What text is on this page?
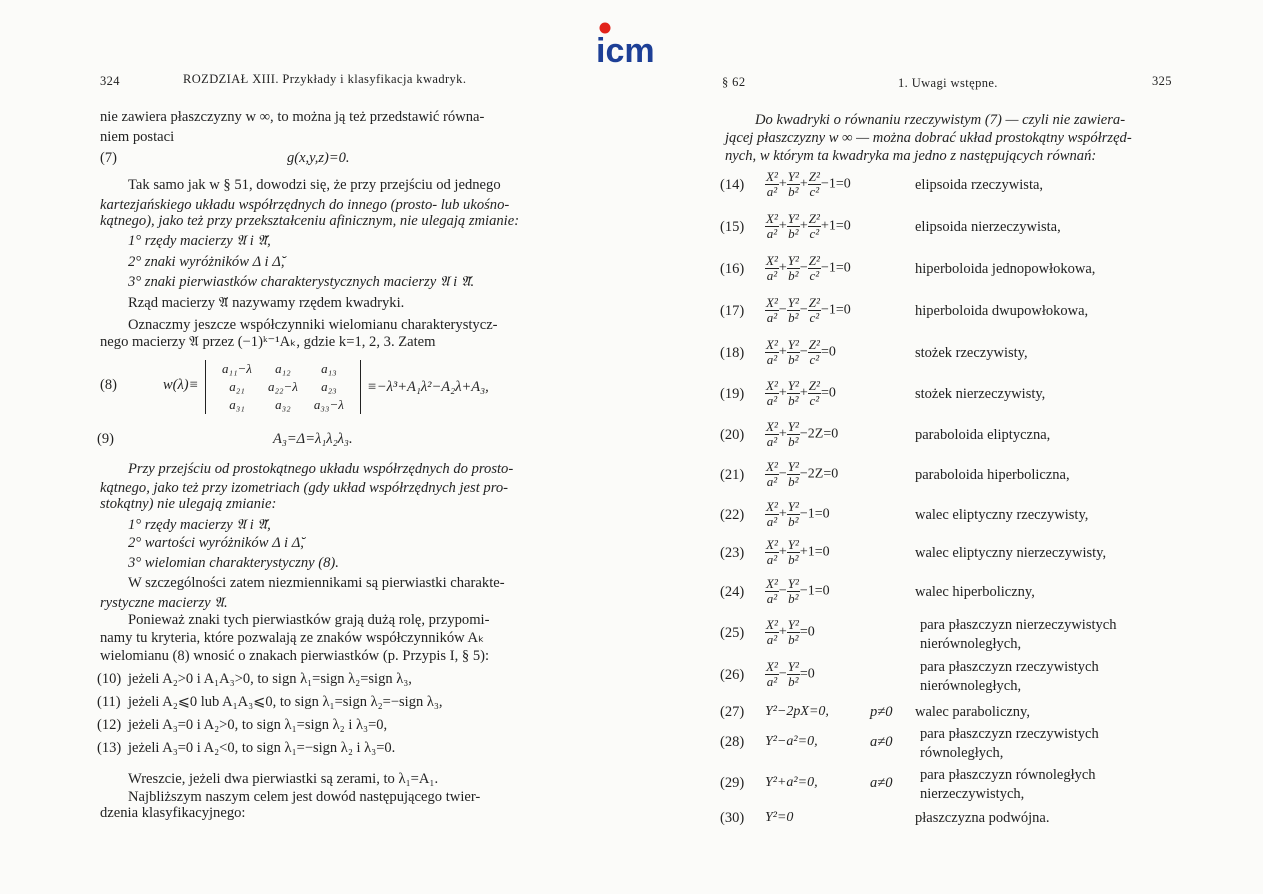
icm
324	ROZDZIAŁ XIII. Przykłady i klasyfikacja kwadryk.
nie zawiera płaszczyzny w ∞, to można ją też przedstawić równa-
niem postaci
(7)	g(x,y,z)=0.
Tak samo jak w § 51, dowodzi się, że przy przejściu od jednego
kartezjańskiego układu współrzędnych do innego (prosto- lub ukośno-
kątnego), jako też przy przekształceniu afinicznym, nie ulegają zmianie:
1° rzędy macierzy 𝔄 i 𝔄̆,
2° znaki wyróżników Δ i Δ̆,
3° znaki pierwiastków charakterystycznych macierzy 𝔄 i 𝔄̆.
Rząd macierzy 𝔄̆ nazywamy rzędem kwadryki.
Oznaczmy jeszcze współczynniki wielomianu charakterystycz-
nego macierzy 𝔄 przez (−1)ᵏ⁻¹Aₖ, gdzie k=1, 2, 3. Zatem
(8)	w(λ)≡
a₁₁−λ	a₁₂	a₁₃
a₂₁	a₂₂−λ	a₂₃
a₃₁	a₃₂	a₃₃−λ
≡−λ³+A₁λ²−A₂λ+A₃,
(9)	A₃=Δ=λ₁λ₂λ₃.
Przy przejściu od prostokątnego układu współrzędnych do prosto-
kątnego, jako też przy izometriach (gdy układ współrzędnych jest pro-
stokątny) nie ulegają zmianie:
1° rzędy macierzy 𝔄 i 𝔄̆,
2° wartości wyróżników Δ i Δ̆,
3° wielomian charakterystyczny (8).
W szczególności zatem niezmiennikami są pierwiastki charakte-
rystyczne macierzy 𝔄.
Ponieważ znaki tych pierwiastków grają dużą rolę, przypomi-
namy tu kryteria, które pozwalają ze znaków współczynników Aₖ
wielomianu (8) wnosić o znakach pierwiastków (p. Przypis I, § 5):
(10) jeżeli A₂>0 i A₁A₃>0, to sign λ₁=sign λ₂=sign λ₃,
(11) jeżeli A₂⩽0 lub A₁A₃⩽0, to sign λ₁=sign λ₂=−sign λ₃,
(12) jeżeli A₃=0 i A₂>0, to sign λ₁=sign λ₂ i λ₃=0,
(13) jeżeli A₃=0 i A₂<0, to sign λ₁=−sign λ₂ i λ₃=0.
Wreszcie, jeżeli dwa pierwiastki są zerami, to λ₁=A₁.
Najbliższym naszym celem jest dowód następującego twier-
dzenia klasyfikacyjnego:
§ 62	1. Uwagi wstępne.	325
Do kwadryki o równaniu rzeczywistym (7) — czyli nie zawiera-
jącej płaszczyzny w ∞ — można dobrać układ prostokątny współrzęd-
nych, w którym ta kwadryka ma jedno z następujących równań:
$(14) \frac{\text{X²}}{\text{a²}} + \frac{\text{Y²}}{\text{b²}} + \frac{\text{Z²}}{\text{c²}} -1=0$	elipsoida rzeczywista,
$(15) \frac{\text{X²}}{\text{a²}} + \frac{\text{Y²}}{\text{b²}} + \frac{\text{Z²}}{\text{c²}} +1=0$	elipsoida nierzeczywista,
$(16) \frac{\text{X²}}{\text{a²}} + \frac{\text{Y²}}{\text{b²}} - \frac{\text{Z²}}{\text{c²}} -1=0$	hiperboloida jednopowłokowa,
$(17) \frac{\text{X²}}{\text{a²}} - \frac{\text{Y²}}{\text{b²}} - \frac{\text{Z²}}{\text{c²}} -1=0$	hiperboloida dwupowłokowa,
$(18) \frac{\text{X²}}{\text{a²}} + \frac{\text{Y²}}{\text{b²}} - \frac{\text{Z²}}{\text{c²}} =0$	stożek rzeczywisty,
$(19) \frac{\text{X²}}{\text{a²}} + \frac{\text{Y²}}{\text{b²}} + \frac{\text{Z²}}{\text{c²}} =0$	stożek nierzeczywisty,
$(20) \frac{\text{X²}}{\text{a²}} + \frac{\text{Y²}}{\text{b²}} -2Z=0$	paraboloida eliptyczna,
$(21) \frac{\text{X²}}{\text{a²}} - \frac{\text{Y²}}{\text{b²}} -2Z=0$	paraboloida hiperboliczna,
$(22) \frac{\text{X²}}{\text{a²}} + \frac{\text{Y²}}{\text{b²}} -1=0$	walec eliptyczny rzeczywisty,
$(23) \frac{\text{X²}}{\text{a²}} + \frac{\text{Y²}}{\text{b²}} +1=0$	walec eliptyczny nierzeczywisty,
$(24) \frac{\text{X²}}{\text{a²}} - \frac{\text{Y²}}{\text{b²}} -1=0$	walec hiperboliczny,
$(25) \frac{\text{X²}}{\text{a²}} + \frac{\text{Y²}}{\text{b²}} =0$	para płaszczyzn nierzeczywistych
nierównoległych,
$(26) \frac{\text{X²}}{\text{a²}} - \frac{\text{Y²}}{\text{b²}} =0$	para płaszczyzn rzeczywistych
nierównoległych,
(27) Y²−2pX=0,	p≠0 walec paraboliczny,
(28) Y²−a²=0,	a≠0 para płaszczyzn rzeczywistych
równoległych,
(29) Y²+a²=0,	a≠0 para płaszczyzn równoległych
nierzeczywistych,
(30) Y²=0	płaszczyzna podwójna.
